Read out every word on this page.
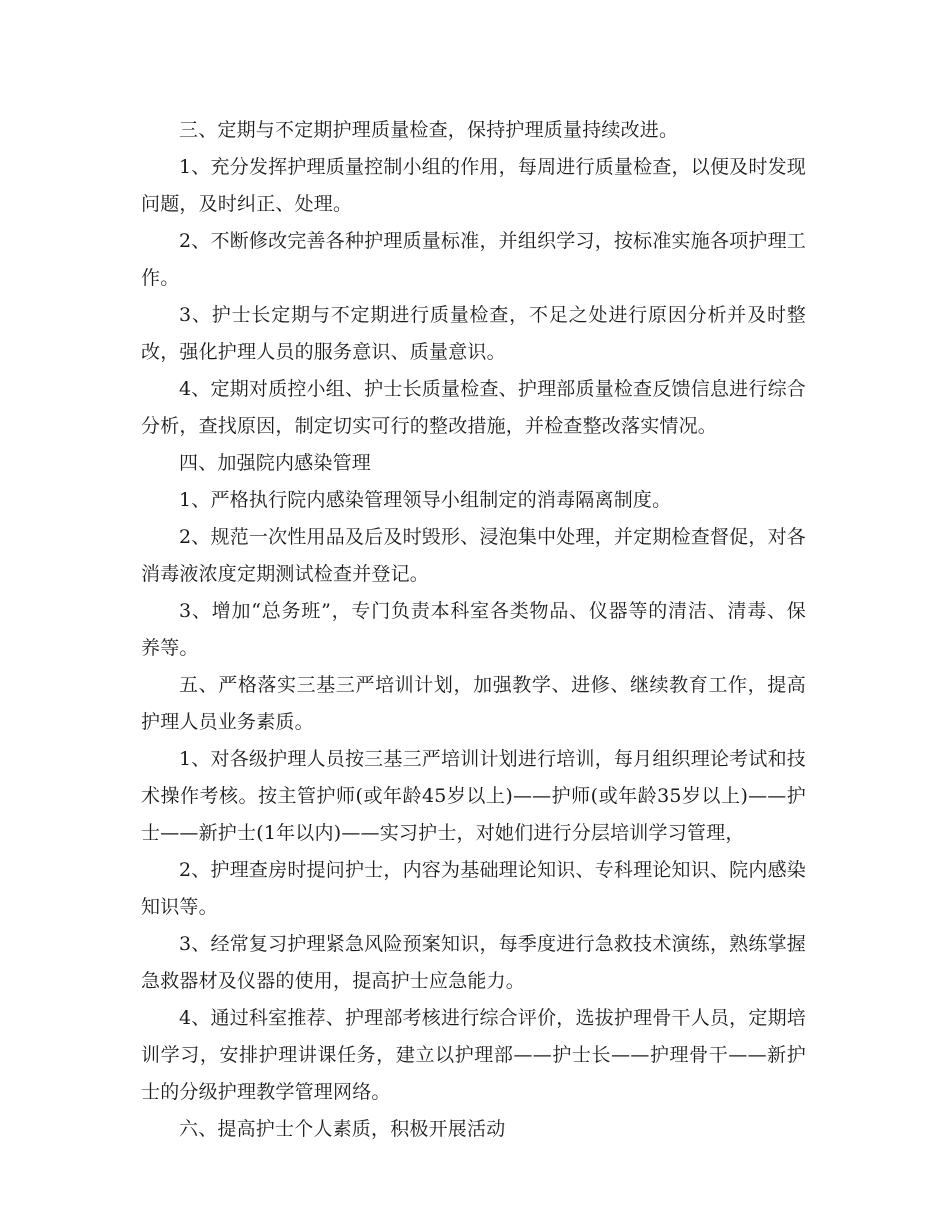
三、定期与不定期护理质量检查，保持护理质量持续改进。

1、充分发挥护理质量控制小组的作用，每周进行质量检查，以便及时发现问题，及时纠正、处理。

2、不断修改完善各种护理质量标准，并组织学习，按标准实施各项护理工作。

3、护士长定期与不定期进行质量检查，不足之处进行原因分析并及时整改，强化护理人员的服务意识、质量意识。

4、定期对质控小组、护士长质量检查、护理部质量检查反馈信息进行综合分析，查找原因，制定切实可行的整改措施，并检查整改落实情况。

四、加强院内感染管理

1、严格执行院内感染管理领导小组制定的消毒隔离制度。

2、规范一次性用品及后及时毁形、浸泡集中处理，并定期检查督促，对各消毒液浓度定期测试检查并登记。

3、增加“总务班”，专门负责本科室各类物品、仪器等的清洁、清毒、保养等。

五、严格落实三基三严培训计划，加强教学、进修、继续教育工作，提高护理人员业务素质。

1、对各级护理人员按三基三严培训计划进行培训，每月组织理论考试和技术操作考核。按主管护师(或年龄45岁以上)——护师(或年龄35岁以上)——护士——新护士(1年以内)——实习护士，对她们进行分层培训学习管理，

2、护理查房时提问护士，内容为基础理论知识、专科理论知识、院内感染知识等。

3、经常复习护理紧急风险预案知识，每季度进行急救技术演练，熟练掌握急救器材及仪器的使用，提高护士应急能力。

4、通过科室推荐、护理部考核进行综合评价，选拔护理骨干人员，定期培训学习，安排护理讲课任务，建立以护理部——护士长——护理骨干——新护士的分级护理教学管理网络。

六、提高护士个人素质，积极开展活动
